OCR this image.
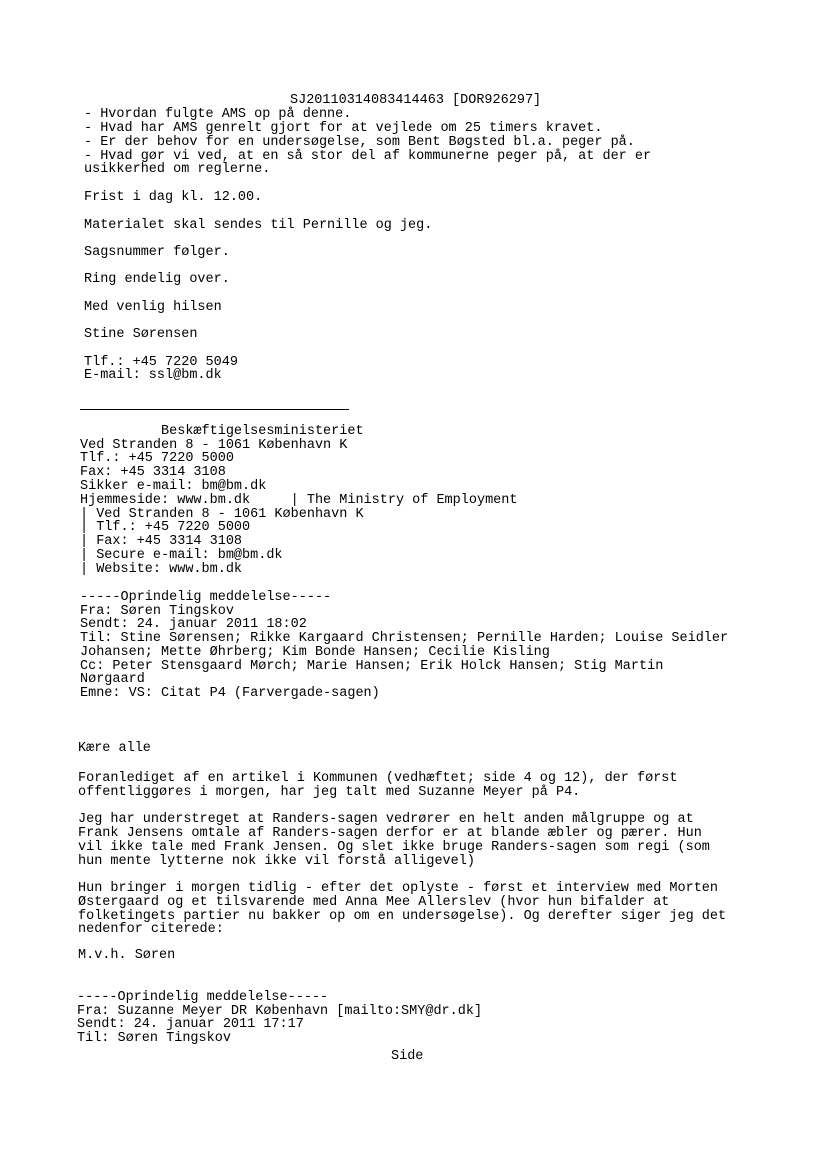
SJ20110314083414463 [DOR926297]
- Hvordan fulgte AMS op på denne.
- Hvad har AMS genrelt gjort for at vejlede om 25 timers kravet.
- Er der behov for en undersøgelse, som Bent Bøgsted bl.a. peger på.
- Hvad gør vi ved, at en så stor del af kommunerne peger på, at der er
usikkerhed om reglerne.
Frist i dag kl. 12.00.
Materialet skal sendes til Pernille og jeg.
Sagsnummer følger.
Ring endelig over.
Med venlig hilsen
Stine Sørensen
Tlf.: +45 7220 5049
E-mail: ssl@bm.dk
Beskæftigelsesministeriet
Ved Stranden 8 - 1061 København K
Tlf.: +45 7220 5000
Fax: +45 3314 3108
Sikker e-mail: bm@bm.dk
Hjemmeside: www.bm.dk     | The Ministry of Employment
| Ved Stranden 8 - 1061 København K
| Tlf.: +45 7220 5000
| Fax: +45 3314 3108
| Secure e-mail: bm@bm.dk
| Website: www.bm.dk
-----Oprindelig meddelelse-----
Fra: Søren Tingskov
Sendt: 24. januar 2011 18:02
Til: Stine Sørensen; Rikke Kargaard Christensen; Pernille Harden; Louise Seidler
Johansen; Mette Øhrberg; Kim Bonde Hansen; Cecilie Kisling
Cc: Peter Stensgaard Mørch; Marie Hansen; Erik Holck Hansen; Stig Martin
Nørgaard
Emne: VS: Citat P4 (Farvergade-sagen)
Kære alle
Foranlediget af en artikel i Kommunen (vedhæftet; side 4 og 12), der først
offentliggøres i morgen, har jeg talt med Suzanne Meyer på P4.
Jeg har understreget at Randers-sagen vedrører en helt anden målgruppe og at
Frank Jensens omtale af Randers-sagen derfor er at blande æbler og pærer. Hun
vil ikke tale med Frank Jensen. Og slet ikke bruge Randers-sagen som regi (som
hun mente lytterne nok ikke vil forstå alligevel)
Hun bringer i morgen tidlig - efter det oplyste - først et interview med Morten
Østergaard og et tilsvarende med Anna Mee Allerslev (hvor hun bifalder at
folketingets partier nu bakker op om en undersøgelse). Og derefter siger jeg det
nedenfor citerede:
M.v.h. Søren
-----Oprindelig meddelelse-----
Fra: Suzanne Meyer DR København [mailto:SMY@dr.dk]
Sendt: 24. januar 2011 17:17
Til: Søren Tingskov
Side
